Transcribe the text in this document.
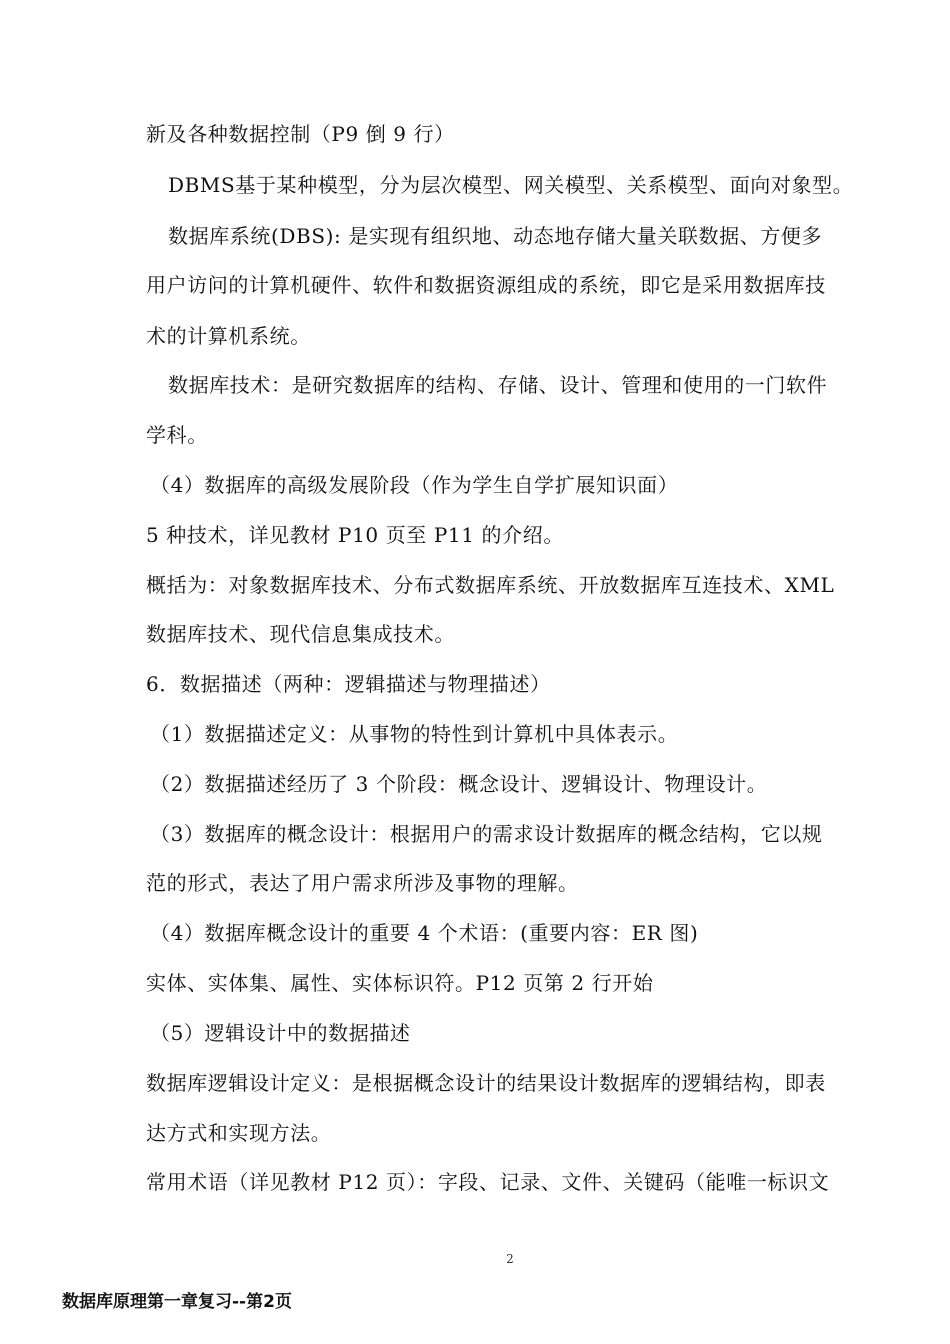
新及各种数据控制（P9 倒 9 行）
DBMS基于某种模型，分为层次模型、网关模型、关系模型、面向对象型。
数据库系统(DBS): 是实现有组织地、动态地存储大量关联数据、方便多
用户访问的计算机硬件、软件和数据资源组成的系统，即它是采用数据库技
术的计算机系统。
数据库技术：是研究数据库的结构、存储、设计、管理和使用的一门软件
学科。
（4）数据库的高级发展阶段（作为学生自学扩展知识面）
5 种技术，详见教材 P10 页至 P11 的介绍。
概括为：对象数据库技术、分布式数据库系统、开放数据库互连技术、XML
数据库技术、现代信息集成技术。
6．数据描述（两种：逻辑描述与物理描述）
（1）数据描述定义：从事物的特性到计算机中具体表示。
（2）数据描述经历了 3 个阶段：概念设计、逻辑设计、物理设计。
（3）数据库的概念设计：根据用户的需求设计数据库的概念结构，它以规
范的形式，表达了用户需求所涉及事物的理解。
（4）数据库概念设计的重要 4 个术语：(重要内容：ER 图)
实体、实体集、属性、实体标识符。P12 页第 2 行开始
（5）逻辑设计中的数据描述
数据库逻辑设计定义：是根据概念设计的结果设计数据库的逻辑结构，即表
达方式和实现方法。
常用术语（详见教材 P12 页）：字段、记录、文件、关键码（能唯一标识文
2
数据库原理第一章复习--第2页
